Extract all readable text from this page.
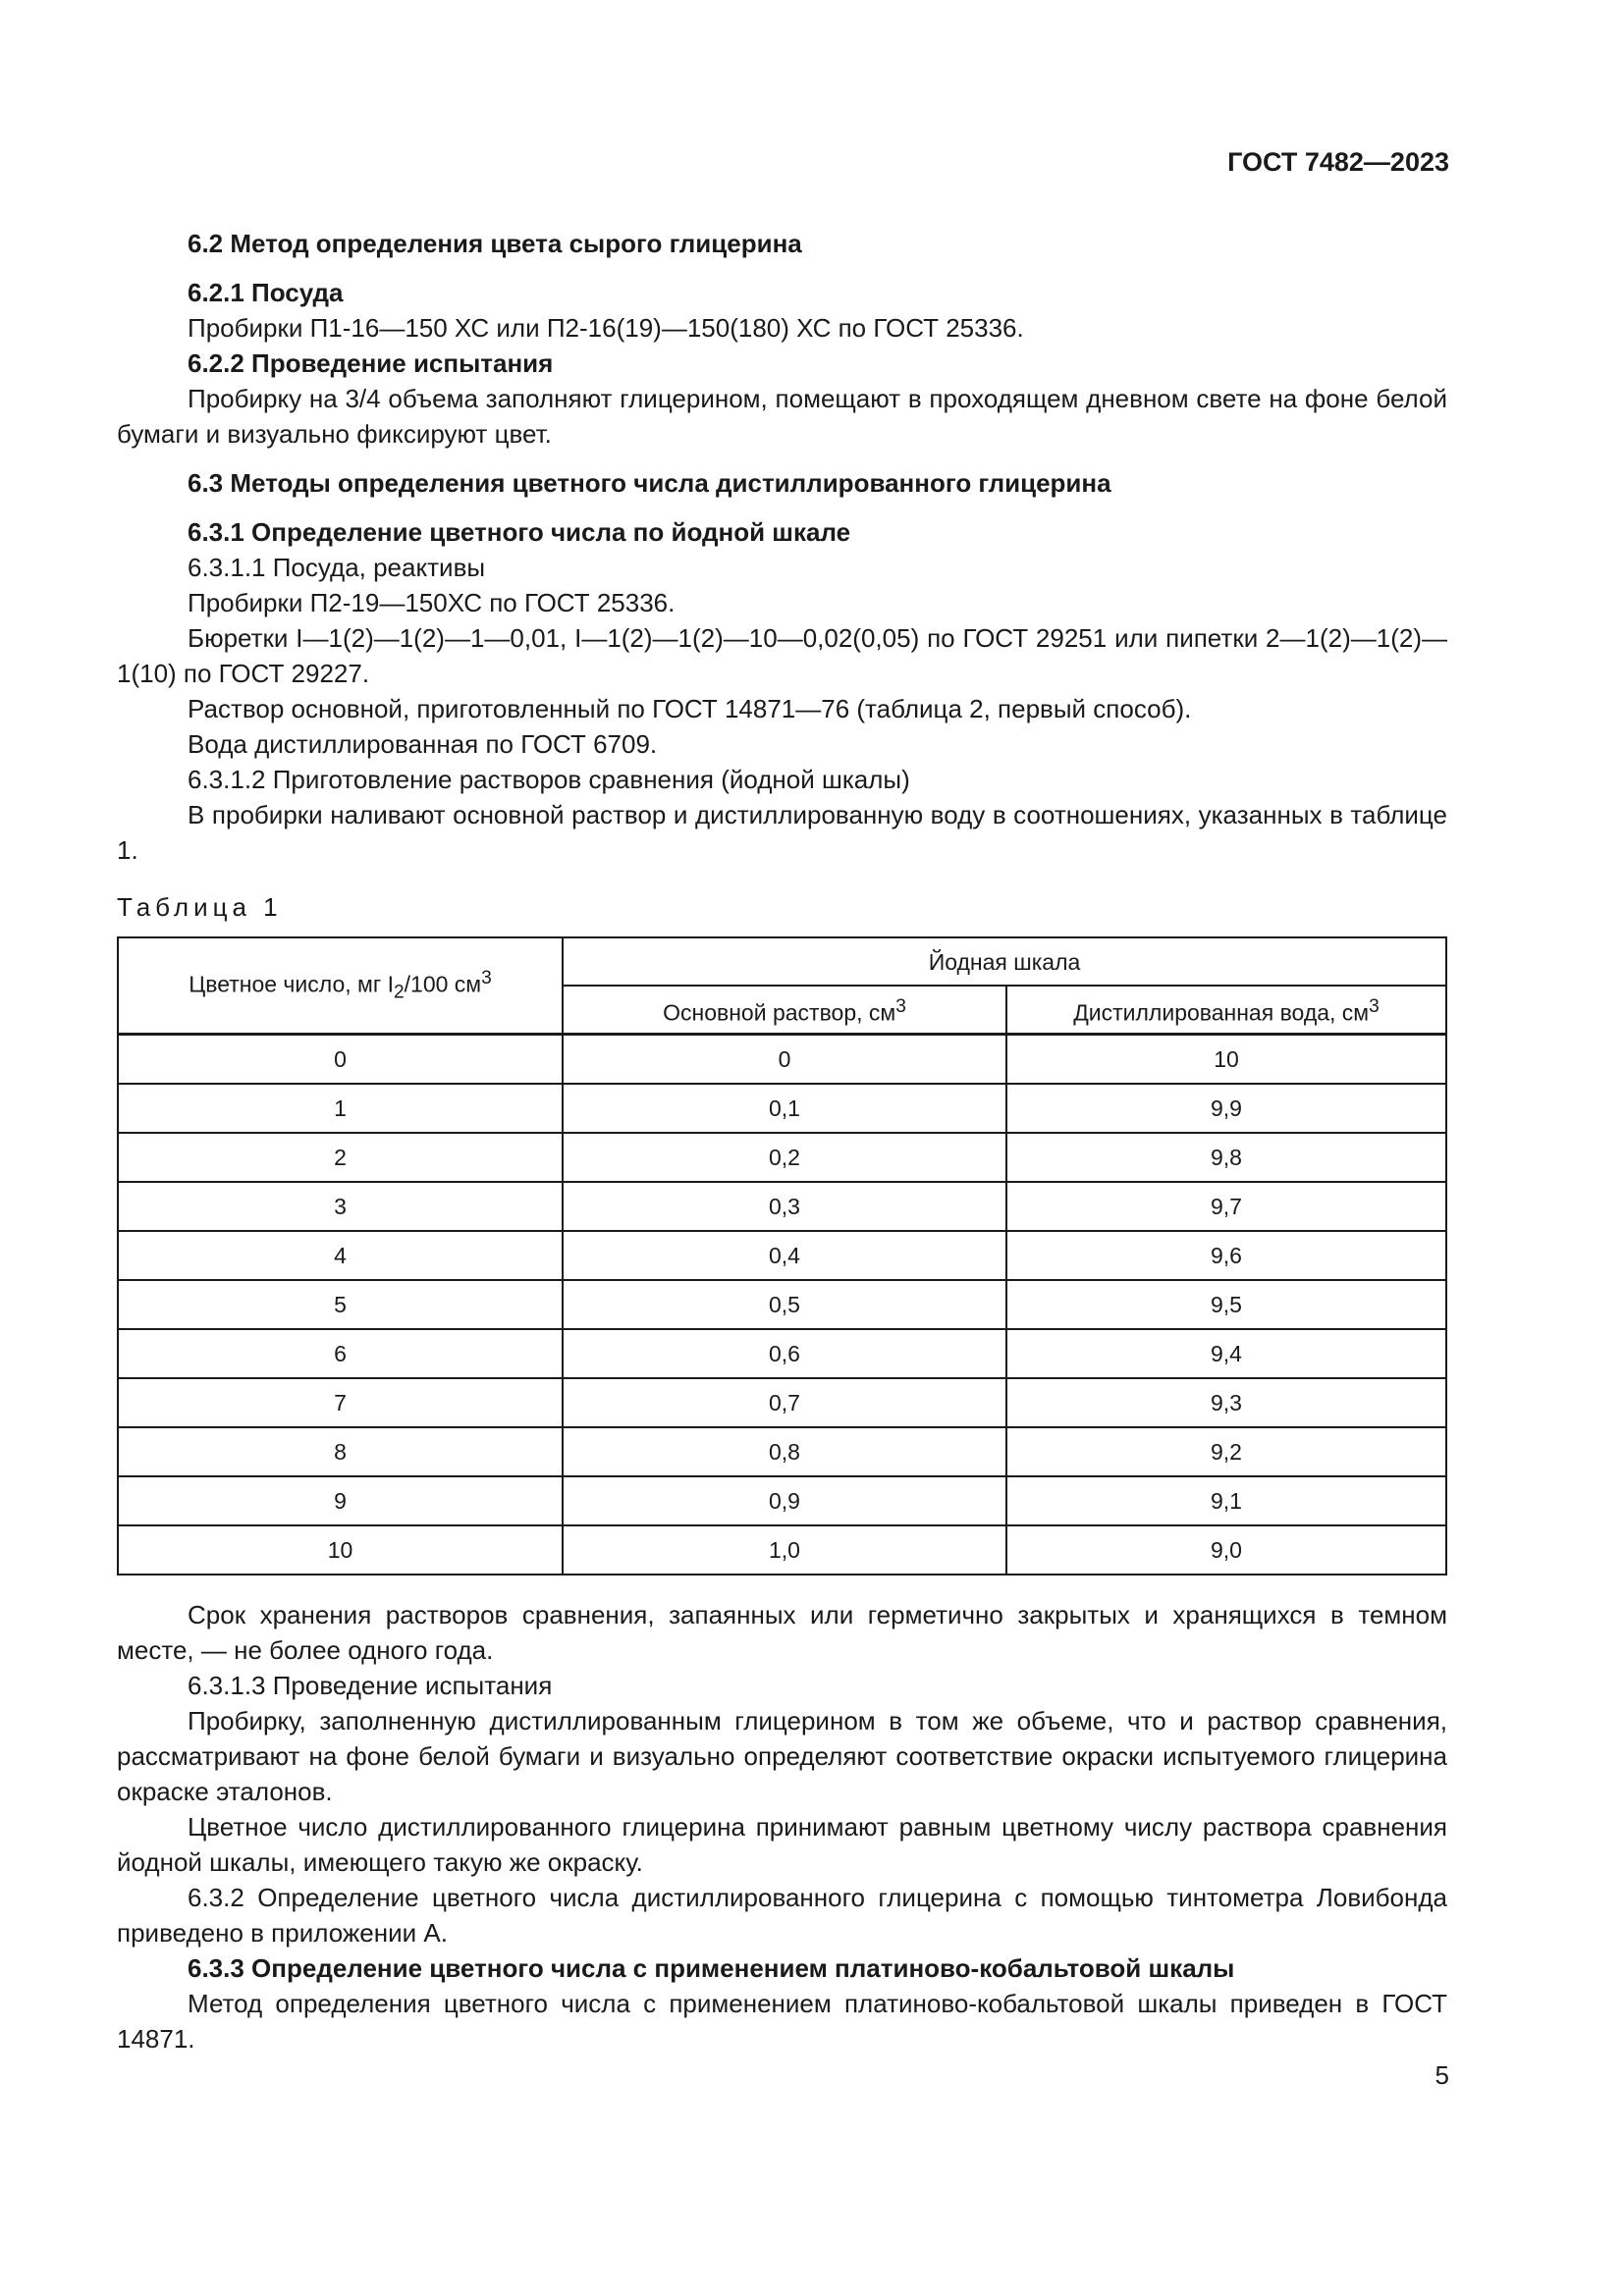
ГОСТ 7482—2023

6.2 Метод определения цвета сырого глицерина

6.2.1 Посуда

Пробирки П1-16—150 ХС или П2-16(19)—150(180) ХС по ГОСТ 25336.

6.2.2 Проведение испытания

Пробирку на 3/4 объема заполняют глицерином, помещают в проходящем дневном свете на фоне белой бумаги и визуально фиксируют цвет.

6.3 Методы определения цветного числа дистиллированного глицерина

6.3.1 Определение цветного числа по йодной шкале

6.3.1.1 Посуда, реактивы

Пробирки П2-19—150ХС по ГОСТ 25336.

Бюретки I—1(2)—1(2)—1—0,01, I—1(2)—1(2)—10—0,02(0,05) по ГОСТ 29251 или пипетки 2—1(2)—1(2)—1(10) по ГОСТ 29227.

Раствор основной, приготовленный по ГОСТ 14871—76 (таблица 2, первый способ).

Вода дистиллированная по ГОСТ 6709.

6.3.1.2 Приготовление растворов сравнения (йодной шкалы)

В пробирки наливают основной раствор и дистиллированную воду в соотношениях, указанных в таблице 1.

Таблица 1

Цветное число, мг $I_2/100$ $см^3$	Йодная шкала	
	Основной раствор, $см^3$	Дистиллированная вода, $см^3$
0	0	10
1	0,1	9,9
2	0,2	9,8
3	0,3	9,7
4	0,4	9,6
5	0,5	9,5
6	0,6	9,4
7	0,7	9,3
8	0,8	9,2
9	0,9	9,1
10	1,0	9,0

Срок хранения растворов сравнения, запаянных или герметично закрытых и хранящихся в темном месте, — не более одного года.

6.3.1.3 Проведение испытания

Пробирку, заполненную дистиллированным глицерином в том же объеме, что и раствор сравнения, рассматривают на фоне белой бумаги и визуально определяют соответствие окраски испытуемого глицерина окраске эталонов.

Цветное число дистиллированного глицерина принимают равным цветному числу раствора сравнения йодной шкалы, имеющего такую же окраску.

6.3.2 Определение цветного числа дистиллированного глицерина с помощью тинтометра Ловибонда приведено в приложении А.

6.3.3 Определение цветного числа с применением платиново-кобальтовой шкалы

Метод определения цветного числа с применением платиново-кобальтовой шкалы приведен в ГОСТ 14871.

5
